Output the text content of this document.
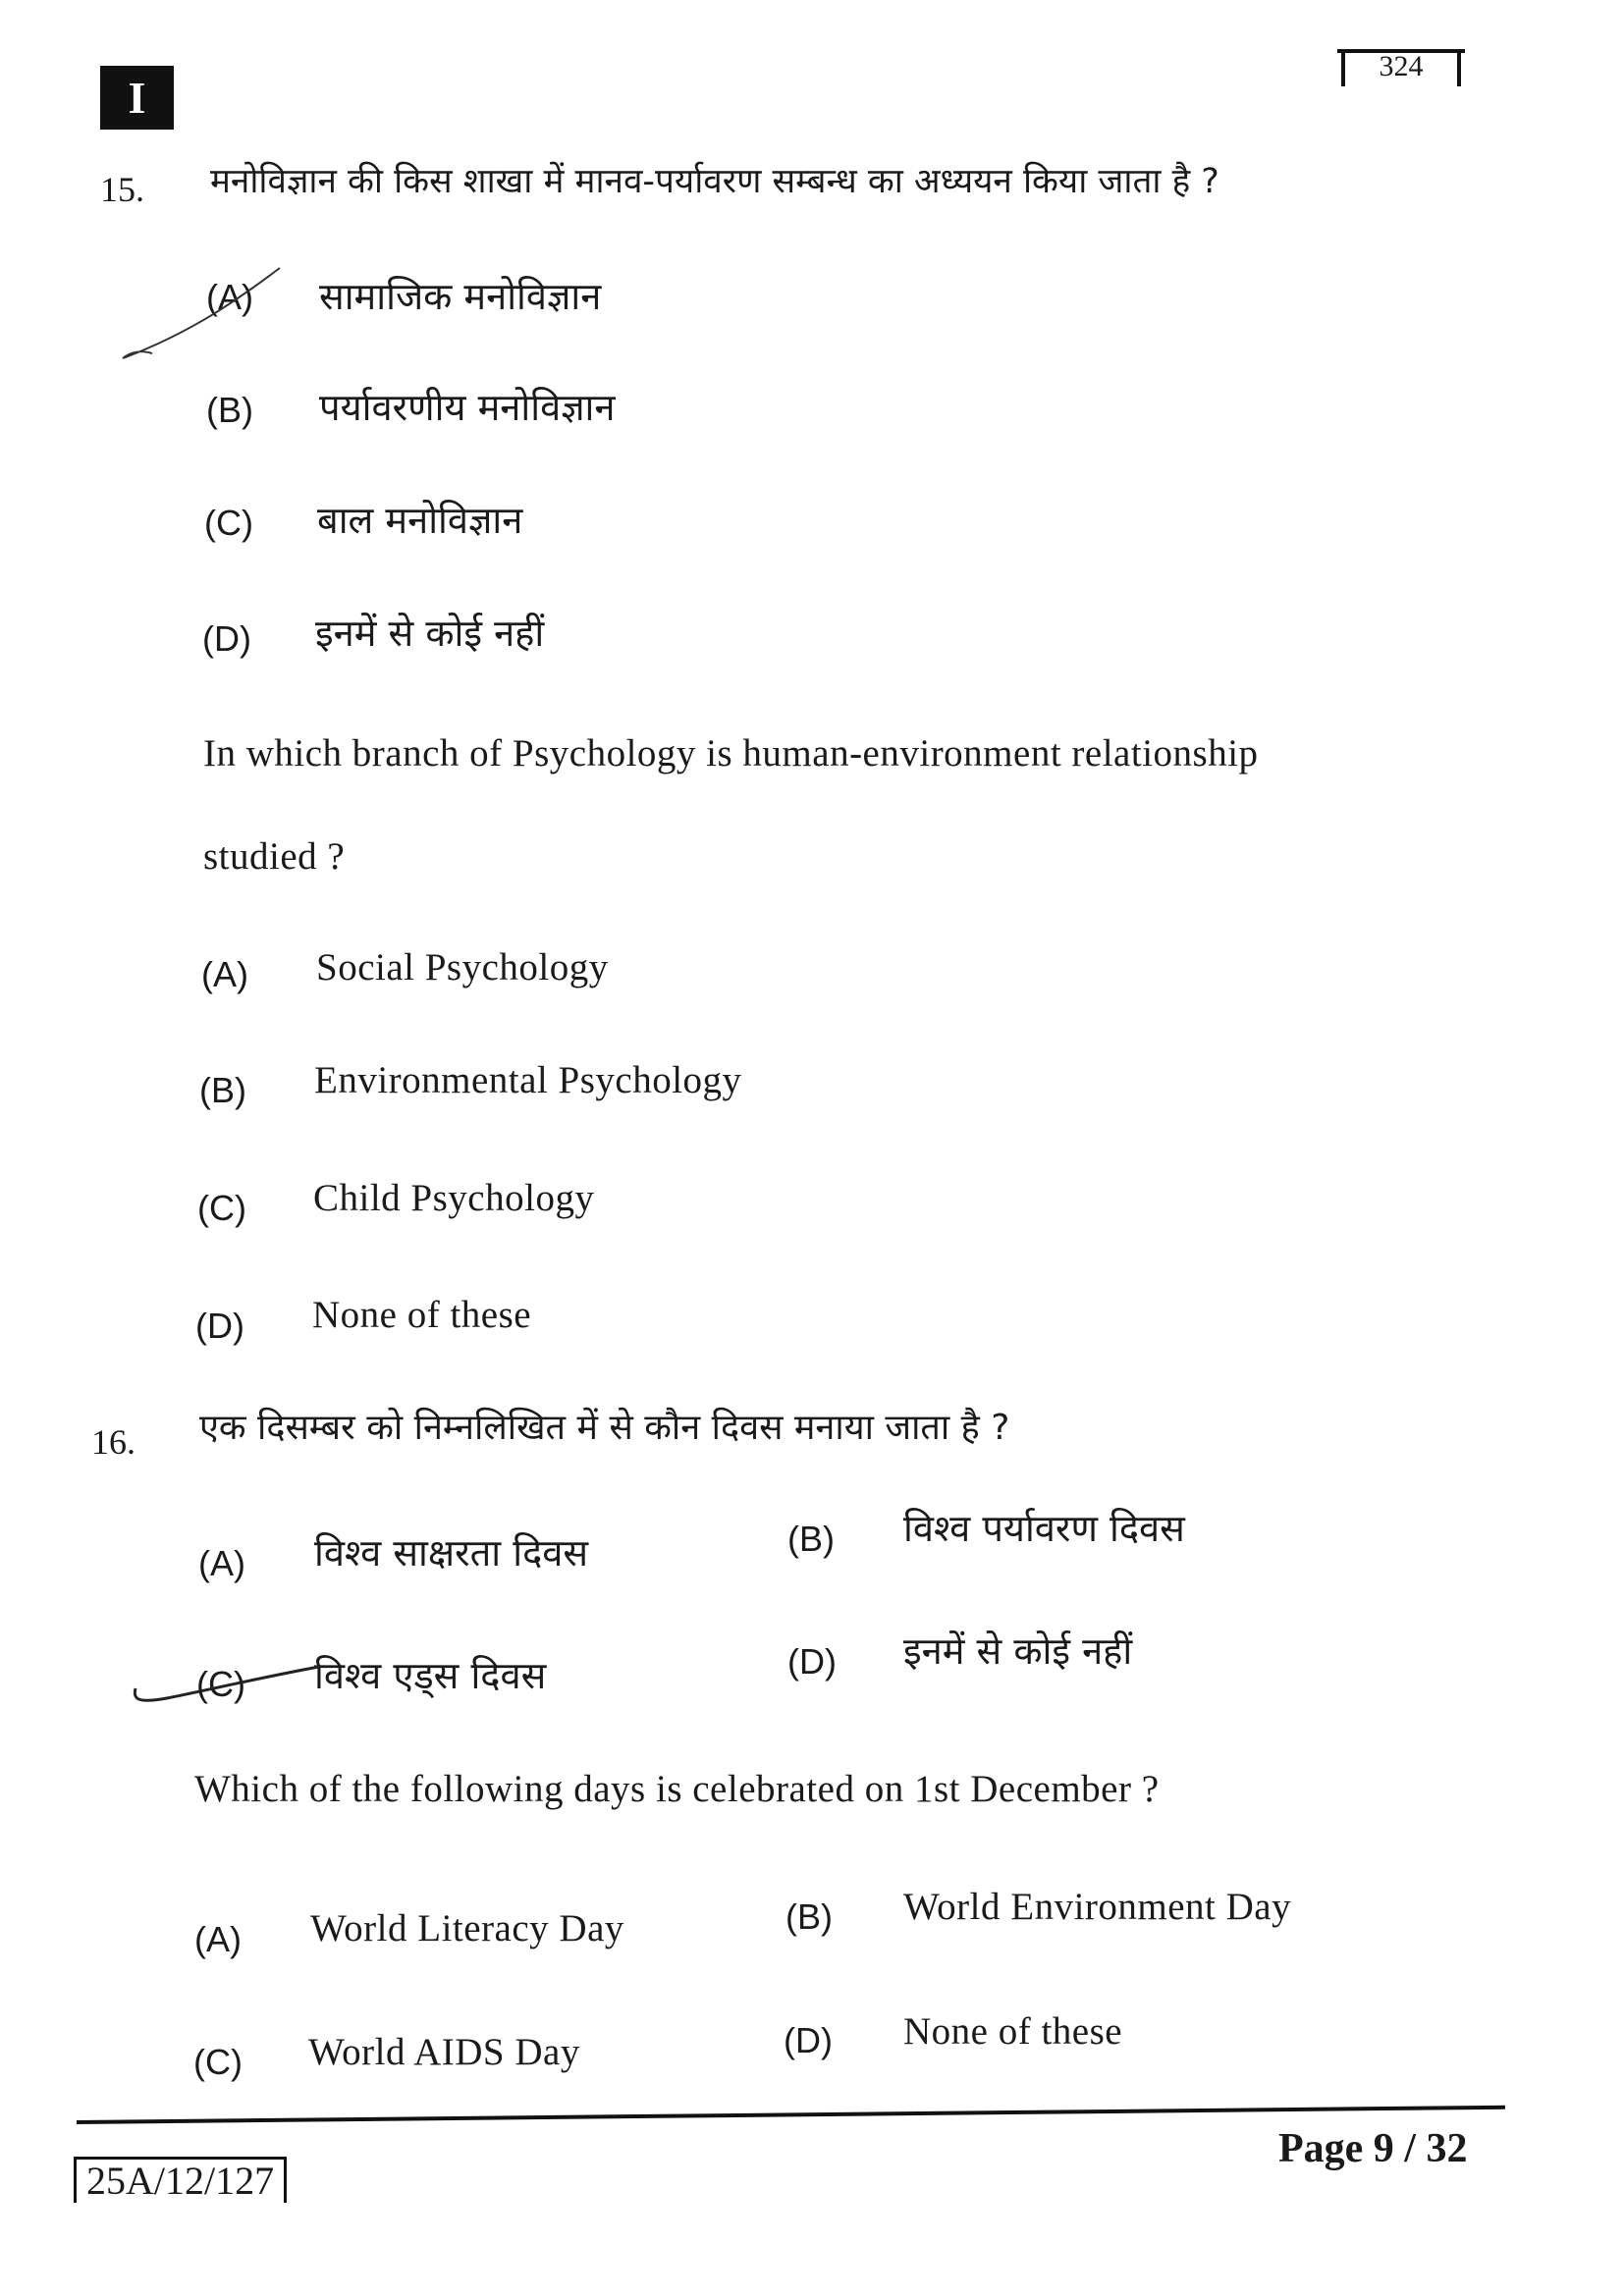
I
324
15. मनोविज्ञान की किस शाखा में मानव-पर्यावरण सम्बन्ध का अध्ययन किया जाता है ?
(A) सामाजिक मनोविज्ञान
(B) पर्यावरणीय मनोविज्ञान
(C) बाल मनोविज्ञान
(D) इनमें से कोई नहीं
In which branch of Psychology is human-environment relationship
studied ?
(A) Social Psychology
(B) Environmental Psychology
(C) Child Psychology
(D) None of these
16. एक दिसम्बर को निम्नलिखित में से कौन दिवस मनाया जाता है ?
(A) विश्व साक्षरता दिवस	(B) विश्व पर्यावरण दिवस
(C) विश्व एड्स दिवस	(D) इनमें से कोई नहीं
Which of the following days is celebrated on 1st December ?
(A) World Literacy Day	(B) World Environment Day
(C) World AIDS Day	(D) None of these
25A/12/127
Page 9 / 32
